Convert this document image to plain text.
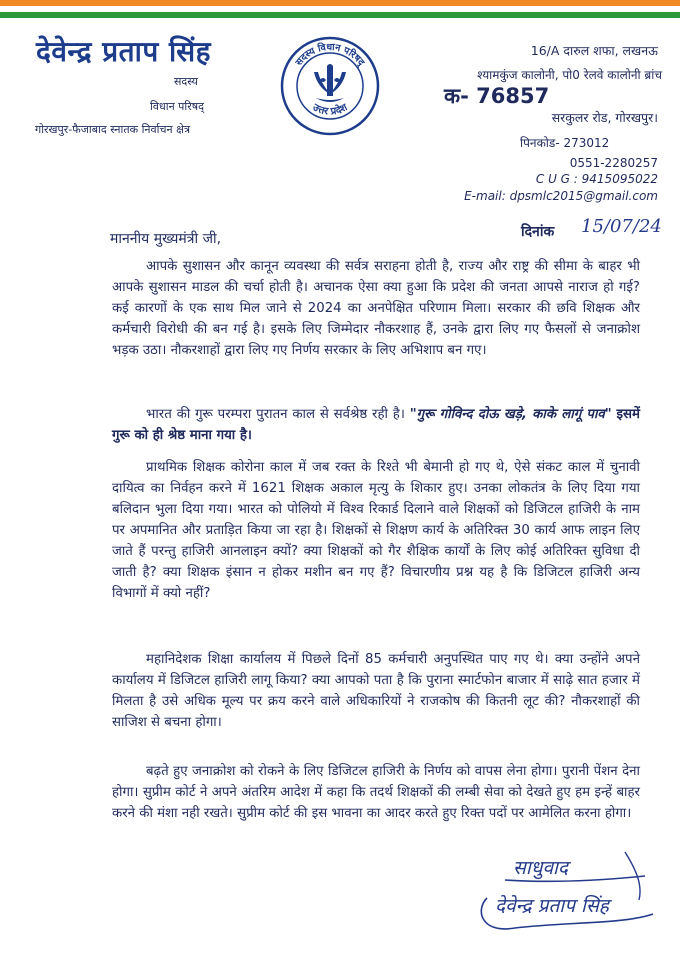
देवेन्द्र प्रताप सिंह
सदस्य
विधान परिषद्
गोरखपुर-फैजाबाद स्नातक निर्वाचन क्षेत्र
सदस्य विधान परिषद्
उत्तर प्रदेश
16/A दारुल शफा, लखनऊ
श्यामकुंज कालोनी, पो0 रेलवे कालोनी ब्रांच
क- 76857
सरकुलर रोड, गोरखपुर।
पिनकोड- 273012
0551-2280257
C U G : 9415095022
E-mail: dpsmlc2015@gmail.com
माननीय मुख्यमंत्री जी,	दिनांक 15/07/24
आपके सुशासन और कानून व्यवस्था की सर्वत्र सराहना होती है, राज्य और राष्ट्र की सीमा के बाहर भी आपके सुशासन माडल की चर्चा होती है। अचानक ऐसा क्या हुआ कि प्रदेश की जनता आपसे नाराज हो गई? कई कारणों के एक साथ मिल जाने से 2024 का अनपेक्षित परिणाम मिला। सरकार की छवि शिक्षक और कर्मचारी विरोधी की बन गई है। इसके लिए जिम्मेदार नौकरशाह हैं, उनके द्वारा लिए गए फैसलों से जनाक्रोश भड़क उठा। नौकरशाहों द्वारा लिए गए निर्णय सरकार के लिए अभिशाप बन गए।
भारत की गुरू परम्परा पुरातन काल से सर्वश्रेष्ठ रही है। "गुरू गोविन्द दोऊ खड़े, काके लागूं पाव" इसमें गुरू को ही श्रेष्ठ माना गया है।
प्राथमिक शिक्षक कोरोना काल में जब रक्त के रिश्ते भी बेमानी हो गए थे, ऐसे संकट काल में चुनावी दायित्व का निर्वहन करने में 1621 शिक्षक अकाल मृत्यु के शिकार हुए। उनका लोकतंत्र के लिए दिया गया बलिदान भुला दिया गया। भारत को पोलियो में विश्व रिकार्ड दिलाने वाले शिक्षकों को डिजिटल हाजिरी के नाम पर अपमानित और प्रताड़ित किया जा रहा है। शिक्षकों से शिक्षण कार्य के अतिरिक्त 30 कार्य आफ लाइन लिए जाते हैं परन्तु हाजिरी आनलाइन क्यों? क्या शिक्षकों को गैर शैक्षिक कार्यों के लिए कोई अतिरिक्त सुविधा दी जाती है? क्या शिक्षक इंसान न होकर मशीन बन गए हैं? विचारणीय प्रश्न यह है कि डिजिटल हाजिरी अन्य विभागों में क्यो नहीं?
महानिदेशक शिक्षा कार्यालय में पिछले दिनों 85 कर्मचारी अनुपस्थित पाए गए थे। क्या उन्होंने अपने कार्यालय में डिजिटल हाजिरी लागू किया? क्या आपको पता है कि पुराना स्मार्टफोन बाजार में साढ़े सात हजार में मिलता है उसे अधिक मूल्य पर क्रय करने वाले अधिकारियों ने राजकोष की कितनी लूट की? नौकरशाहों की साजिश से बचना होगा।
बढ़ते हुए जनाक्रोश को रोकने के लिए डिजिटल हाजिरी के निर्णय को वापस लेना होगा। पुरानी पेंशन देना होगा। सुप्रीम कोर्ट ने अपने अंतरिम आदेश में कहा कि तदर्थ शिक्षकों की लम्बी सेवा को देखते हुए हम इन्हें बाहर करने की मंशा नही रखते। सुप्रीम कोर्ट की इस भावना का आदर करते हुए रिक्त पदों पर आमेलित करना होगा।
साधुवाद
देवेन्द्र प्रताप सिंह
